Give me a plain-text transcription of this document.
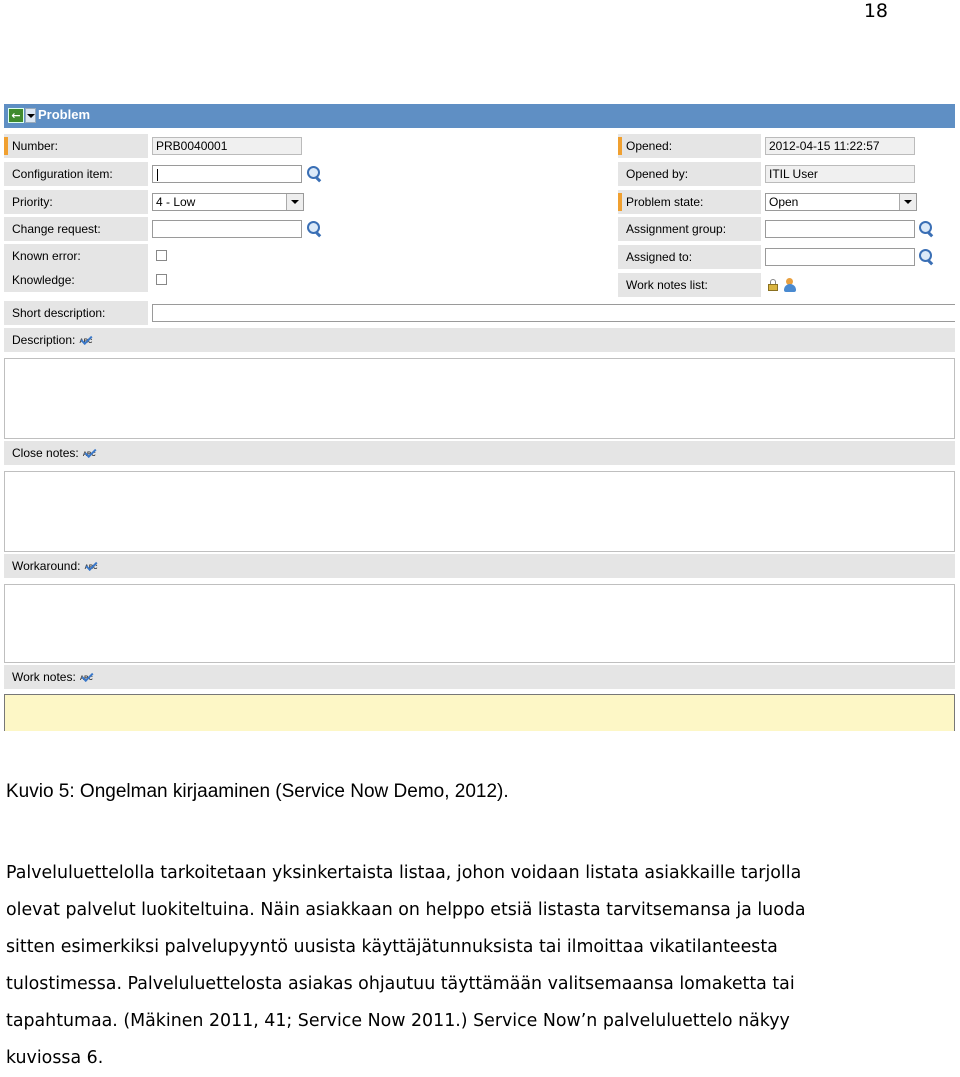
18
← Problem
Number:	PRB0040001
Configuration item:
Priority:	4 - Low
Change request:
Known error:
Knowledge:
Opened:	2012-04-15 11:22:57
Opened by:	ITIL User
Problem state:	Open
Assignment group:
Assigned to:
Work notes list:
Short description:
Description: ABC
Close notes: ABC
Workaround: ABC
Work notes: ABC
Kuvio 5: Ongelman kirjaaminen (Service Now Demo, 2012).
Palveluluettelolla tarkoitetaan yksinkertaista listaa, johon voidaan listata asiakkaille tarjolla
olevat palvelut luokiteltuina. Näin asiakkaan on helppo etsiä listasta tarvitsemansa ja luoda
sitten esimerkiksi palvelupyyntö uusista käyttäjätunnuksista tai ilmoittaa vikatilanteesta
tulostimessa. Palveluluettelosta asiakas ohjautuu täyttämään valitsemaansa lomaketta tai
tapahtumaa. (Mäkinen 2011, 41; Service Now 2011.) Service Now’n palveluluettelo näkyy
kuviossa 6.
